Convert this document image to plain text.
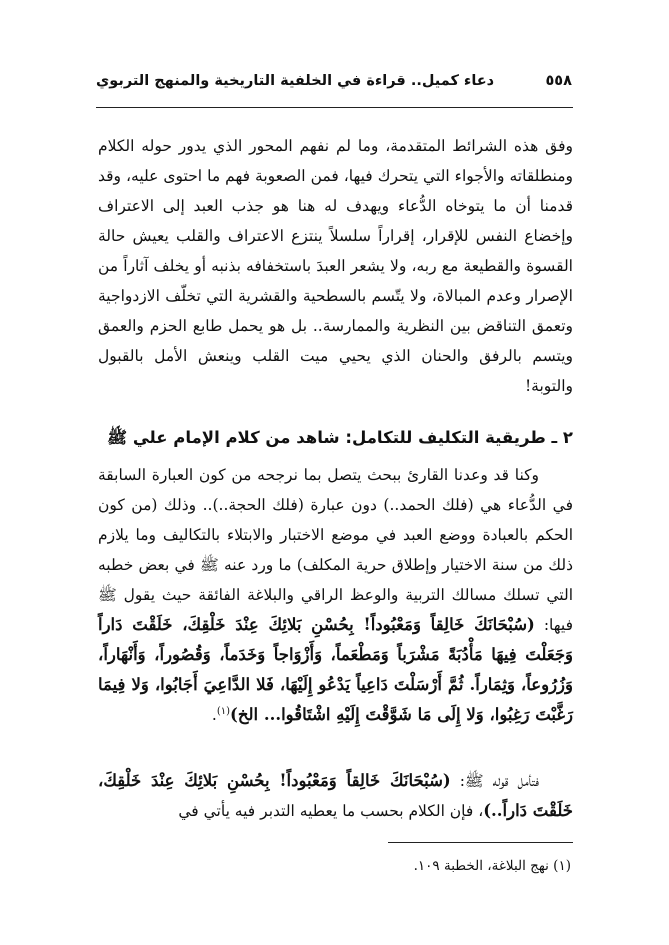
٥٥٨
دعاء كميل.. قراءة في الخلفية التاريخية والمنهج التربوي

وفق هذه الشرائط المتقدمة، وما لم نفهم المحور الذي يدور حوله الكلام ومنطلقاته والأجواء التي يتحرك فيها، فمن الصعوبة فهم ما احتوى عليه، وقد قدمنا أن ما يتوخاه الدُّعاء ويهدف له هنا هو جذب العبد إلى الاعتراف وإخضاع النفس للإقرار، إقراراً سلسلاً ينتزع الاعتراف والقلب يعيش حالة القسوة والقطيعة مع ربه، ولا يشعر العبدَ باستخفافه بذنبه أو يخلف آثاراً من الإصرار وعدم المبالاة، ولا يتّسم بالسطحية والقشرية التي تخلّف الازدواجية وتعمق التناقض بين النظرية والممارسة.. بل هو يحمل طابع الحزم والعمق ويتسم بالرفق والحنان الذي يحيي ميت القلب وينعش الأمل بالقبول والتوبة!

٢ ـ طريقية التكليف للتكامل: شاهد من كلام الإمام علي ﷺ

وكنا قد وعدنا القارئ ببحث يتصل بما نرجحه من كون العبارة السابقة في الدُّعاء هي (فلك الحمد..) دون عبارة (فلك الحجة..).. وذلك (من كون الحكم بالعبادة ووضع العبد في موضع الاختبار والابتلاء بالتكاليف وما يلازم ذلك من سنة الاختيار وإطلاق حرية المكلف) ما ورد عنه ﷺ في بعض خطبه التي تسلك مسالك التربية والوعظ الراقي والبلاغة الفائقة حيث يقول ﷺ فيها: (سُبْحَانَكَ خَالِقاً وَمَعْبُوداً! بِحُسْنِ بَلائِكَ عِنْدَ خَلْقِكَ، خَلَقْتَ دَاراً وَجَعَلْتَ فِيهَا مَأْدُبَةً مَشْرَباً وَمَطْعَماً، وَأَزْوَاجاً وَخَدَماً، وَقُصُوراً، وَأَنْهَاراً، وَزُرُوعاً، وَثِمَاراً. ثُمَّ أَرْسَلْتَ دَاعِياً يَدْعُو إِلَيْهَا، فَلا الدَّاعِيَ أَجَابُوا، وَلا فِيمَا رَغَّبْتَ رَغِبُوا، وَلا إِلَى مَا شَوَّقْتَ إِلَيْهِ اشْتَاقُوا... الخ)$^{(١)}$.

فتأمل قوله ﷺ: (سُبْحَانَكَ خَالِقاً وَمَعْبُوداً! بِحُسْنِ بَلائِكَ عِنْدَ خَلْقِكَ، خَلَقْتَ دَاراً..)، فإن الكلام بحسب ما يعطيه التدبر فيه يأتي في

(١) نهج البلاغة، الخطبة ١٠٩.
